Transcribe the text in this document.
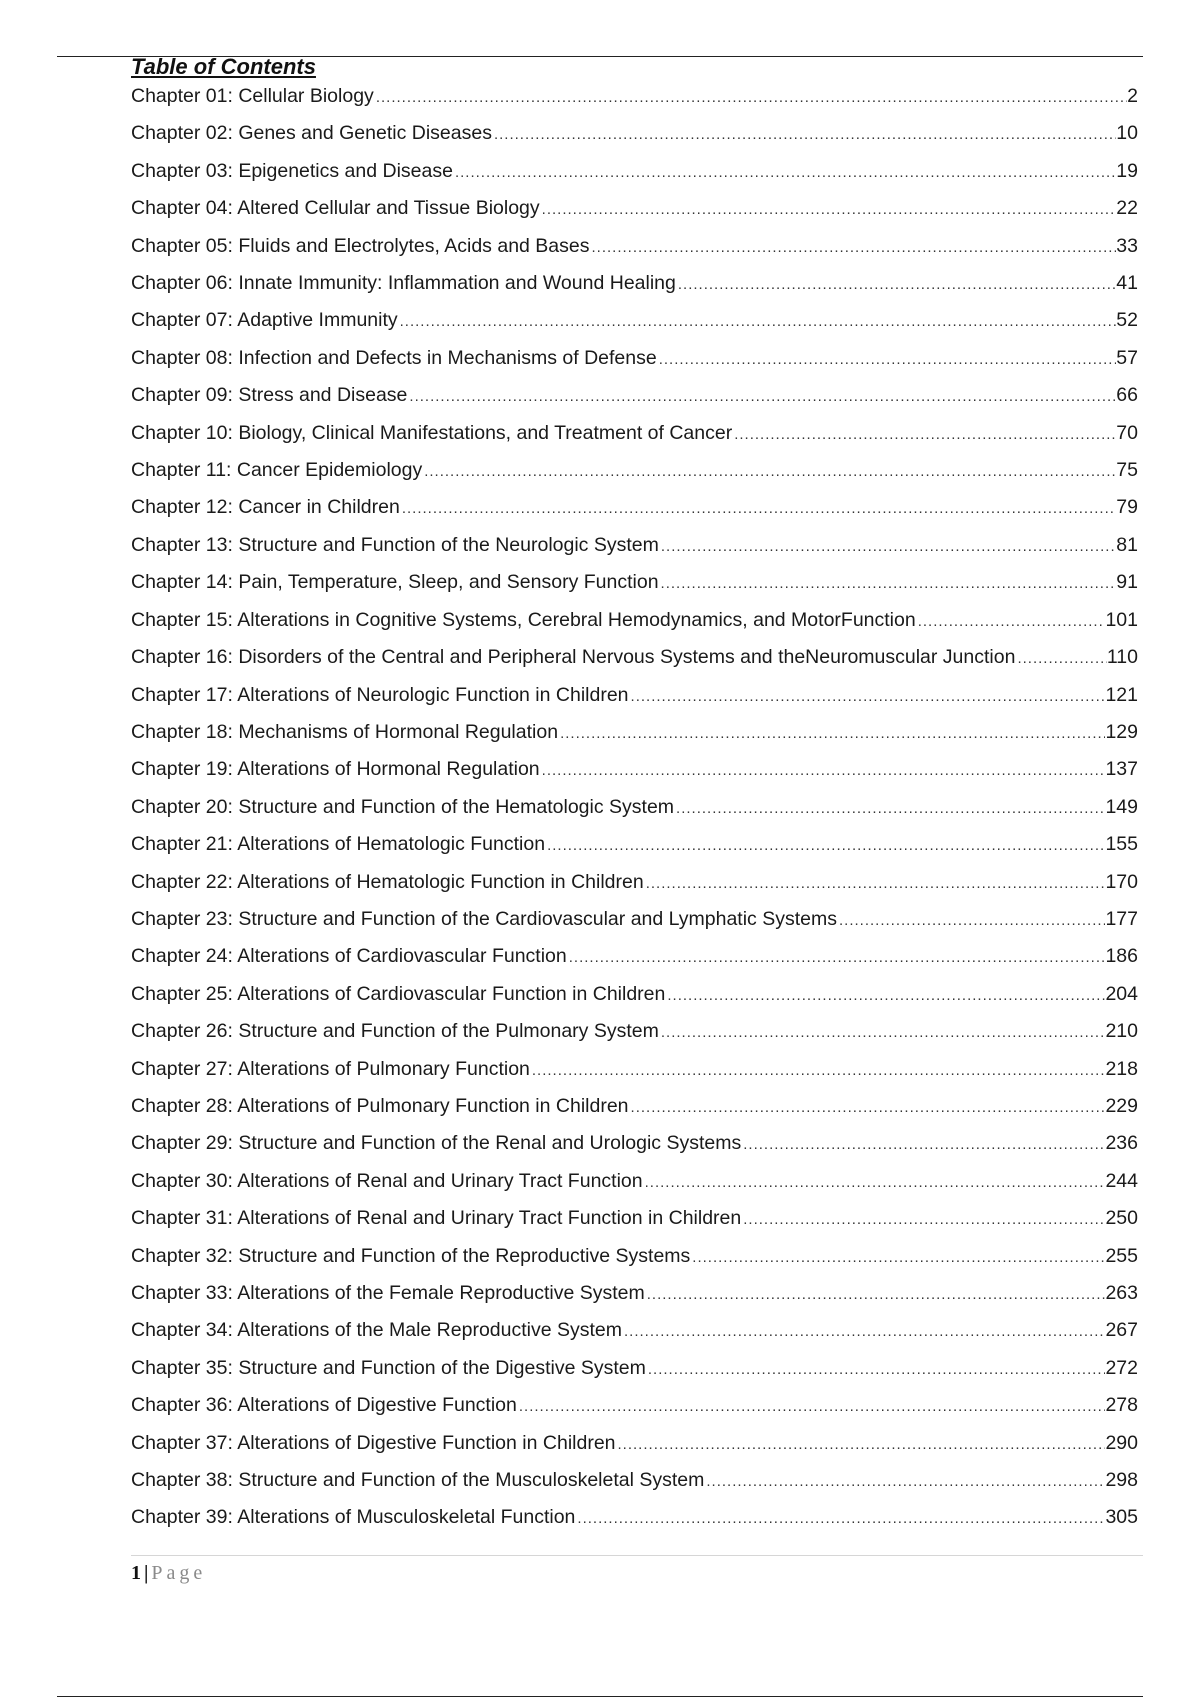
Table of Contents
Chapter 01: Cellular Biology .....	2
Chapter 02: Genes and Genetic Diseases .....	10
Chapter 03: Epigenetics and Disease .....	19
Chapter 04: Altered Cellular and Tissue Biology .....	22
Chapter 05: Fluids and Electrolytes, Acids and Bases .....	33
Chapter 06: Innate Immunity: Inflammation and Wound Healing .....	41
Chapter 07: Adaptive Immunity .....	52
Chapter 08: Infection and Defects in Mechanisms of Defense .....	57
Chapter 09: Stress and Disease .....	66
Chapter 10: Biology, Clinical Manifestations, and Treatment of Cancer .....	70
Chapter 11: Cancer Epidemiology .....	75
Chapter 12: Cancer in Children .....	79
Chapter 13: Structure and Function of the Neurologic System .....	81
Chapter 14: Pain, Temperature, Sleep, and Sensory Function .....	91
Chapter 15: Alterations in Cognitive Systems, Cerebral Hemodynamics, and MotorFunction .....	101
Chapter 16: Disorders of the Central and Peripheral Nervous Systems and theNeuromuscular Junction .....	110
Chapter 17: Alterations of Neurologic Function in Children .....	121
Chapter 18: Mechanisms of Hormonal Regulation .....	129
Chapter 19: Alterations of Hormonal Regulation .....	137
Chapter 20: Structure and Function of the Hematologic System .....	149
Chapter 21: Alterations of Hematologic Function .....	155
Chapter 22: Alterations of Hematologic Function in Children .....	170
Chapter 23: Structure and Function of the Cardiovascular and Lymphatic Systems .....	177
Chapter 24: Alterations of Cardiovascular Function .....	186
Chapter 25: Alterations of Cardiovascular Function in Children .....	204
Chapter 26: Structure and Function of the Pulmonary System .....	210
Chapter 27: Alterations of Pulmonary Function .....	218
Chapter 28: Alterations of Pulmonary Function in Children .....	229
Chapter 29: Structure and Function of the Renal and Urologic Systems .....	236
Chapter 30: Alterations of Renal and Urinary Tract Function .....	244
Chapter 31: Alterations of Renal and Urinary Tract Function in Children .....	250
Chapter 32: Structure and Function of the Reproductive Systems .....	255
Chapter 33: Alterations of the Female Reproductive System .....	263
Chapter 34: Alterations of the Male Reproductive System .....	267
Chapter 35: Structure and Function of the Digestive System .....	272
Chapter 36: Alterations of Digestive Function .....	278
Chapter 37: Alterations of Digestive Function in Children .....	290
Chapter 38: Structure and Function of the Musculoskeletal System .....	298
Chapter 39: Alterations of Musculoskeletal Function .....	305
1 | Page
